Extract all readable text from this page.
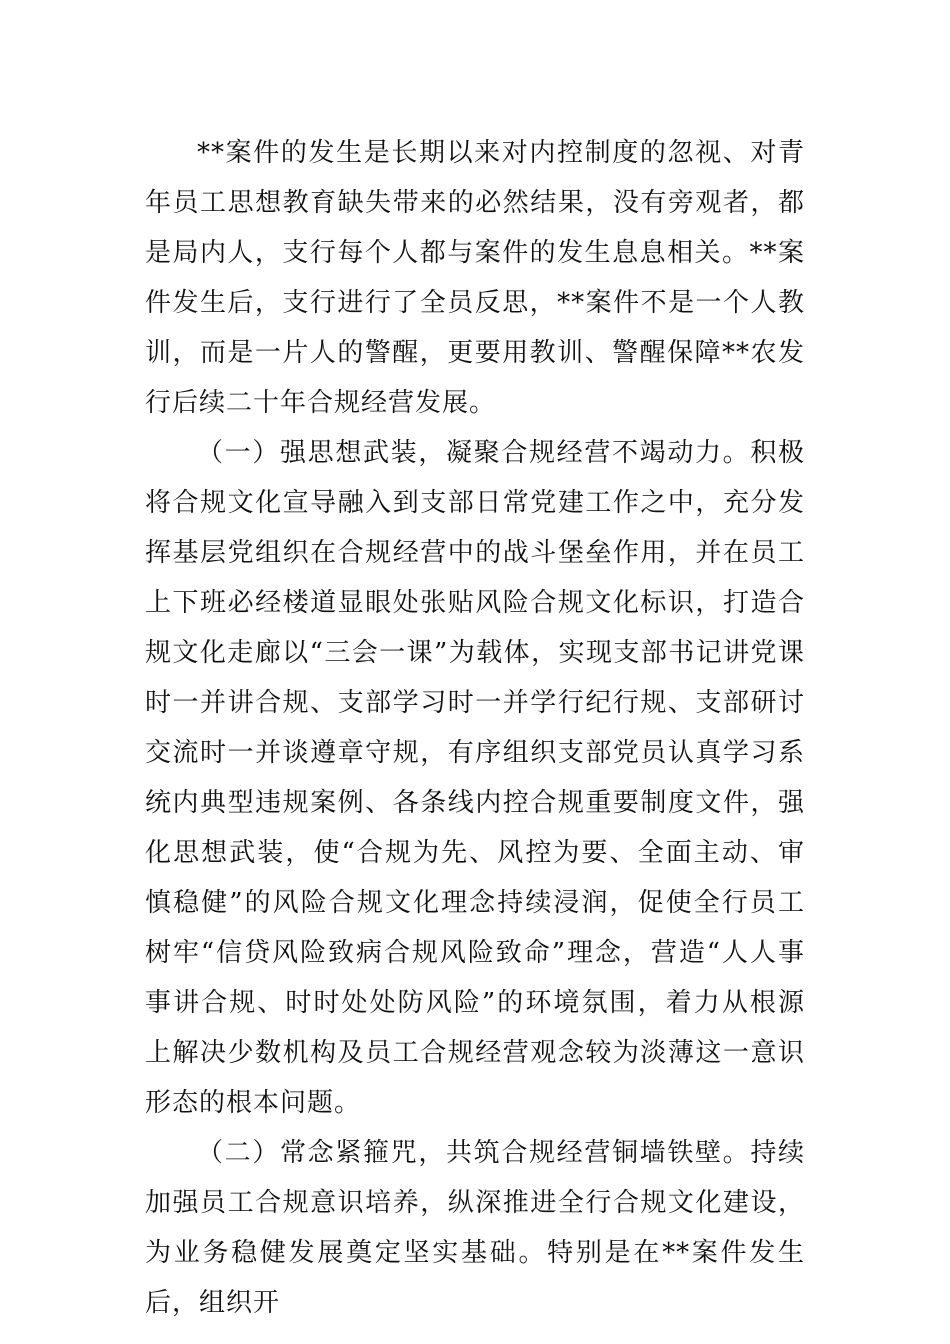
**案件的发生是长期以来对内控制度的忽视、对青年员工思想教育缺失带来的必然结果，没有旁观者，都是局内人，支行每个人都与案件的发生息息相关。**案件发生后，支行进行了全员反思，**案件不是一个人教训，而是一片人的警醒，更要用教训、警醒保障**农发行后续二十年合规经营发展。

（一）强思想武装，凝聚合规经营不竭动力。积极将合规文化宣导融入到支部日常党建工作之中，充分发挥基层党组织在合规经营中的战斗堡垒作用，并在员工上下班必经楼道显眼处张贴风险合规文化标识，打造合规文化走廊以“三会一课”为载体，实现支部书记讲党课时一并讲合规、支部学习时一并学行纪行规、支部研讨交流时一并谈遵章守规，有序组织支部党员认真学习系统内典型违规案例、各条线内控合规重要制度文件，强化思想武装，使“合规为先、风控为要、全面主动、审慎稳健”的风险合规文化理念持续浸润，促使全行员工树牢“信贷风险致病合规风险致命”理念，营造“人人事事讲合规、时时处处防风险”的环境氛围，着力从根源上解决少数机构及员工合规经营观念较为淡薄这一意识形态的根本问题。

（二）常念紧箍咒，共筑合规经营铜墙铁壁。持续加强员工合规意识培养，纵深推进全行合规文化建设，为业务稳健发展奠定坚实基础。特别是在**案件发生后，组织开
